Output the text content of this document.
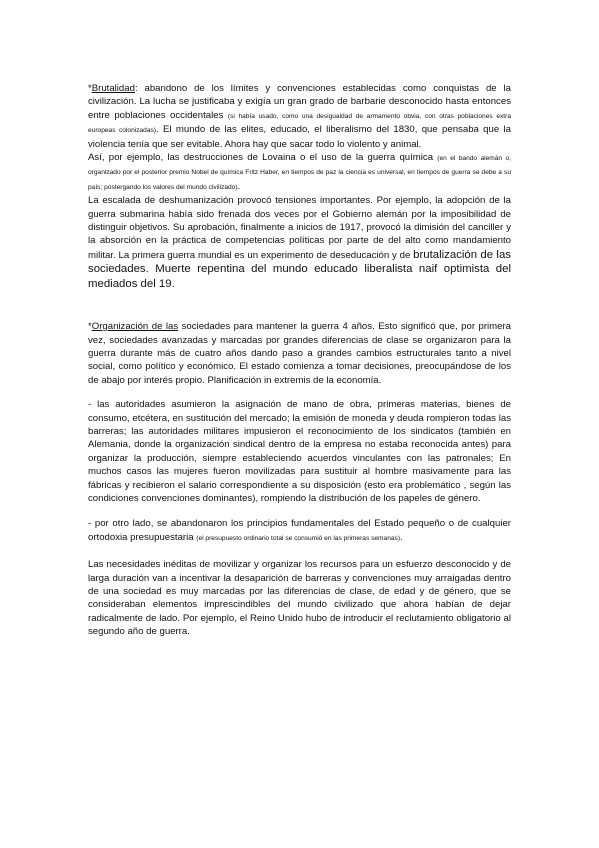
*Brutalidad: abandono de los límites y convenciones establecidas como conquistas de la civilización. La lucha se justificaba y exigía un gran grado de barbarie desconocido hasta entonces entre poblaciones occidentales (si había usado, como una desigualdad de armamento obvia, con otras poblaciones extra europeas colonizadas). El mundo de las elites, educado, el liberalismo del 1830, que pensaba que la violencia tenía que ser evitable. Ahora hay que sacar todo lo violento y animal.

Así, por ejemplo, las destrucciones de Lovaina o el uso de la guerra química (en el bando alemán o, organizado por el posterior premio Nobel de química Fritz Haber, en tiempos de paz la ciencia es universal, en tiempos de guerra se debe a su país; postergando los valores del mundo civilizado).

La escalada de deshumanización provocó tensiones importantes. Por ejemplo, la adopción de la guerra submarina había sido frenada dos veces por el Gobierno alemán por la imposibilidad de distinguir objetivos. Su aprobación, finalmente a inicios de 1917, provocó la dimisión del canciller y la absorción en la práctica de competencias políticas por parte de del alto como mandamiento militar. La primera guerra mundial es un experimento de deseducación y de brutalización de las sociedades. Muerte repentina del mundo educado liberalista naif optimista del mediados del 19.

*Organización de las sociedades para mantener la guerra 4 años. Esto significó que, por primera vez, sociedades avanzadas y marcadas por grandes diferencias de clase se organizaron para la guerra durante más de cuatro años dando paso a grandes cambios estructurales tanto a nivel social, como político y económico. El estado comienza a tomar decisiones, preocupándose de los de abajo por interés propio. Planificación in extremis de la economía.

- las autoridades asumieron la asignación de mano de obra, primeras materias, bienes de consumo, etcétera, en sustitución del mercado; la emisión de moneda y deuda rompieron todas las barreras; las autoridades militares impusieron el reconocimiento de los sindicatos (también en Alemania, donde la organización sindical dentro de la empresa no estaba reconocida antes) para organizar la producción, siempre estableciendo acuerdos vinculantes con las patronales; En muchos casos las mujeres fueron movilizadas para sustituir al hombre masivamente para las fábricas y recibieron el salario correspondiente a su disposición (esto era problemático , según las condiciones convenciones dominantes), rompiendo la distribución de los papeles de género.

- por otro lado, se abandonaron los principios fundamentales del Estado pequeño o de cualquier ortodoxia presupuestaria (el presupuesto ordinario total se consumió en las primeras semanas).

Las necesidades inéditas de movilizar y organizar los recursos para un esfuerzo desconocido y de larga duración van a incentivar la desaparición de barreras y convenciones muy arraigadas dentro de una sociedad es muy marcadas por las diferencias de clase, de edad y de género, que se consideraban elementos imprescindibles del mundo civilizado que ahora habían de dejar radicalmente de lado. Por ejemplo, el Reino Unido hubo de introducir el reclutamiento obligatorio al segundo año de guerra.
